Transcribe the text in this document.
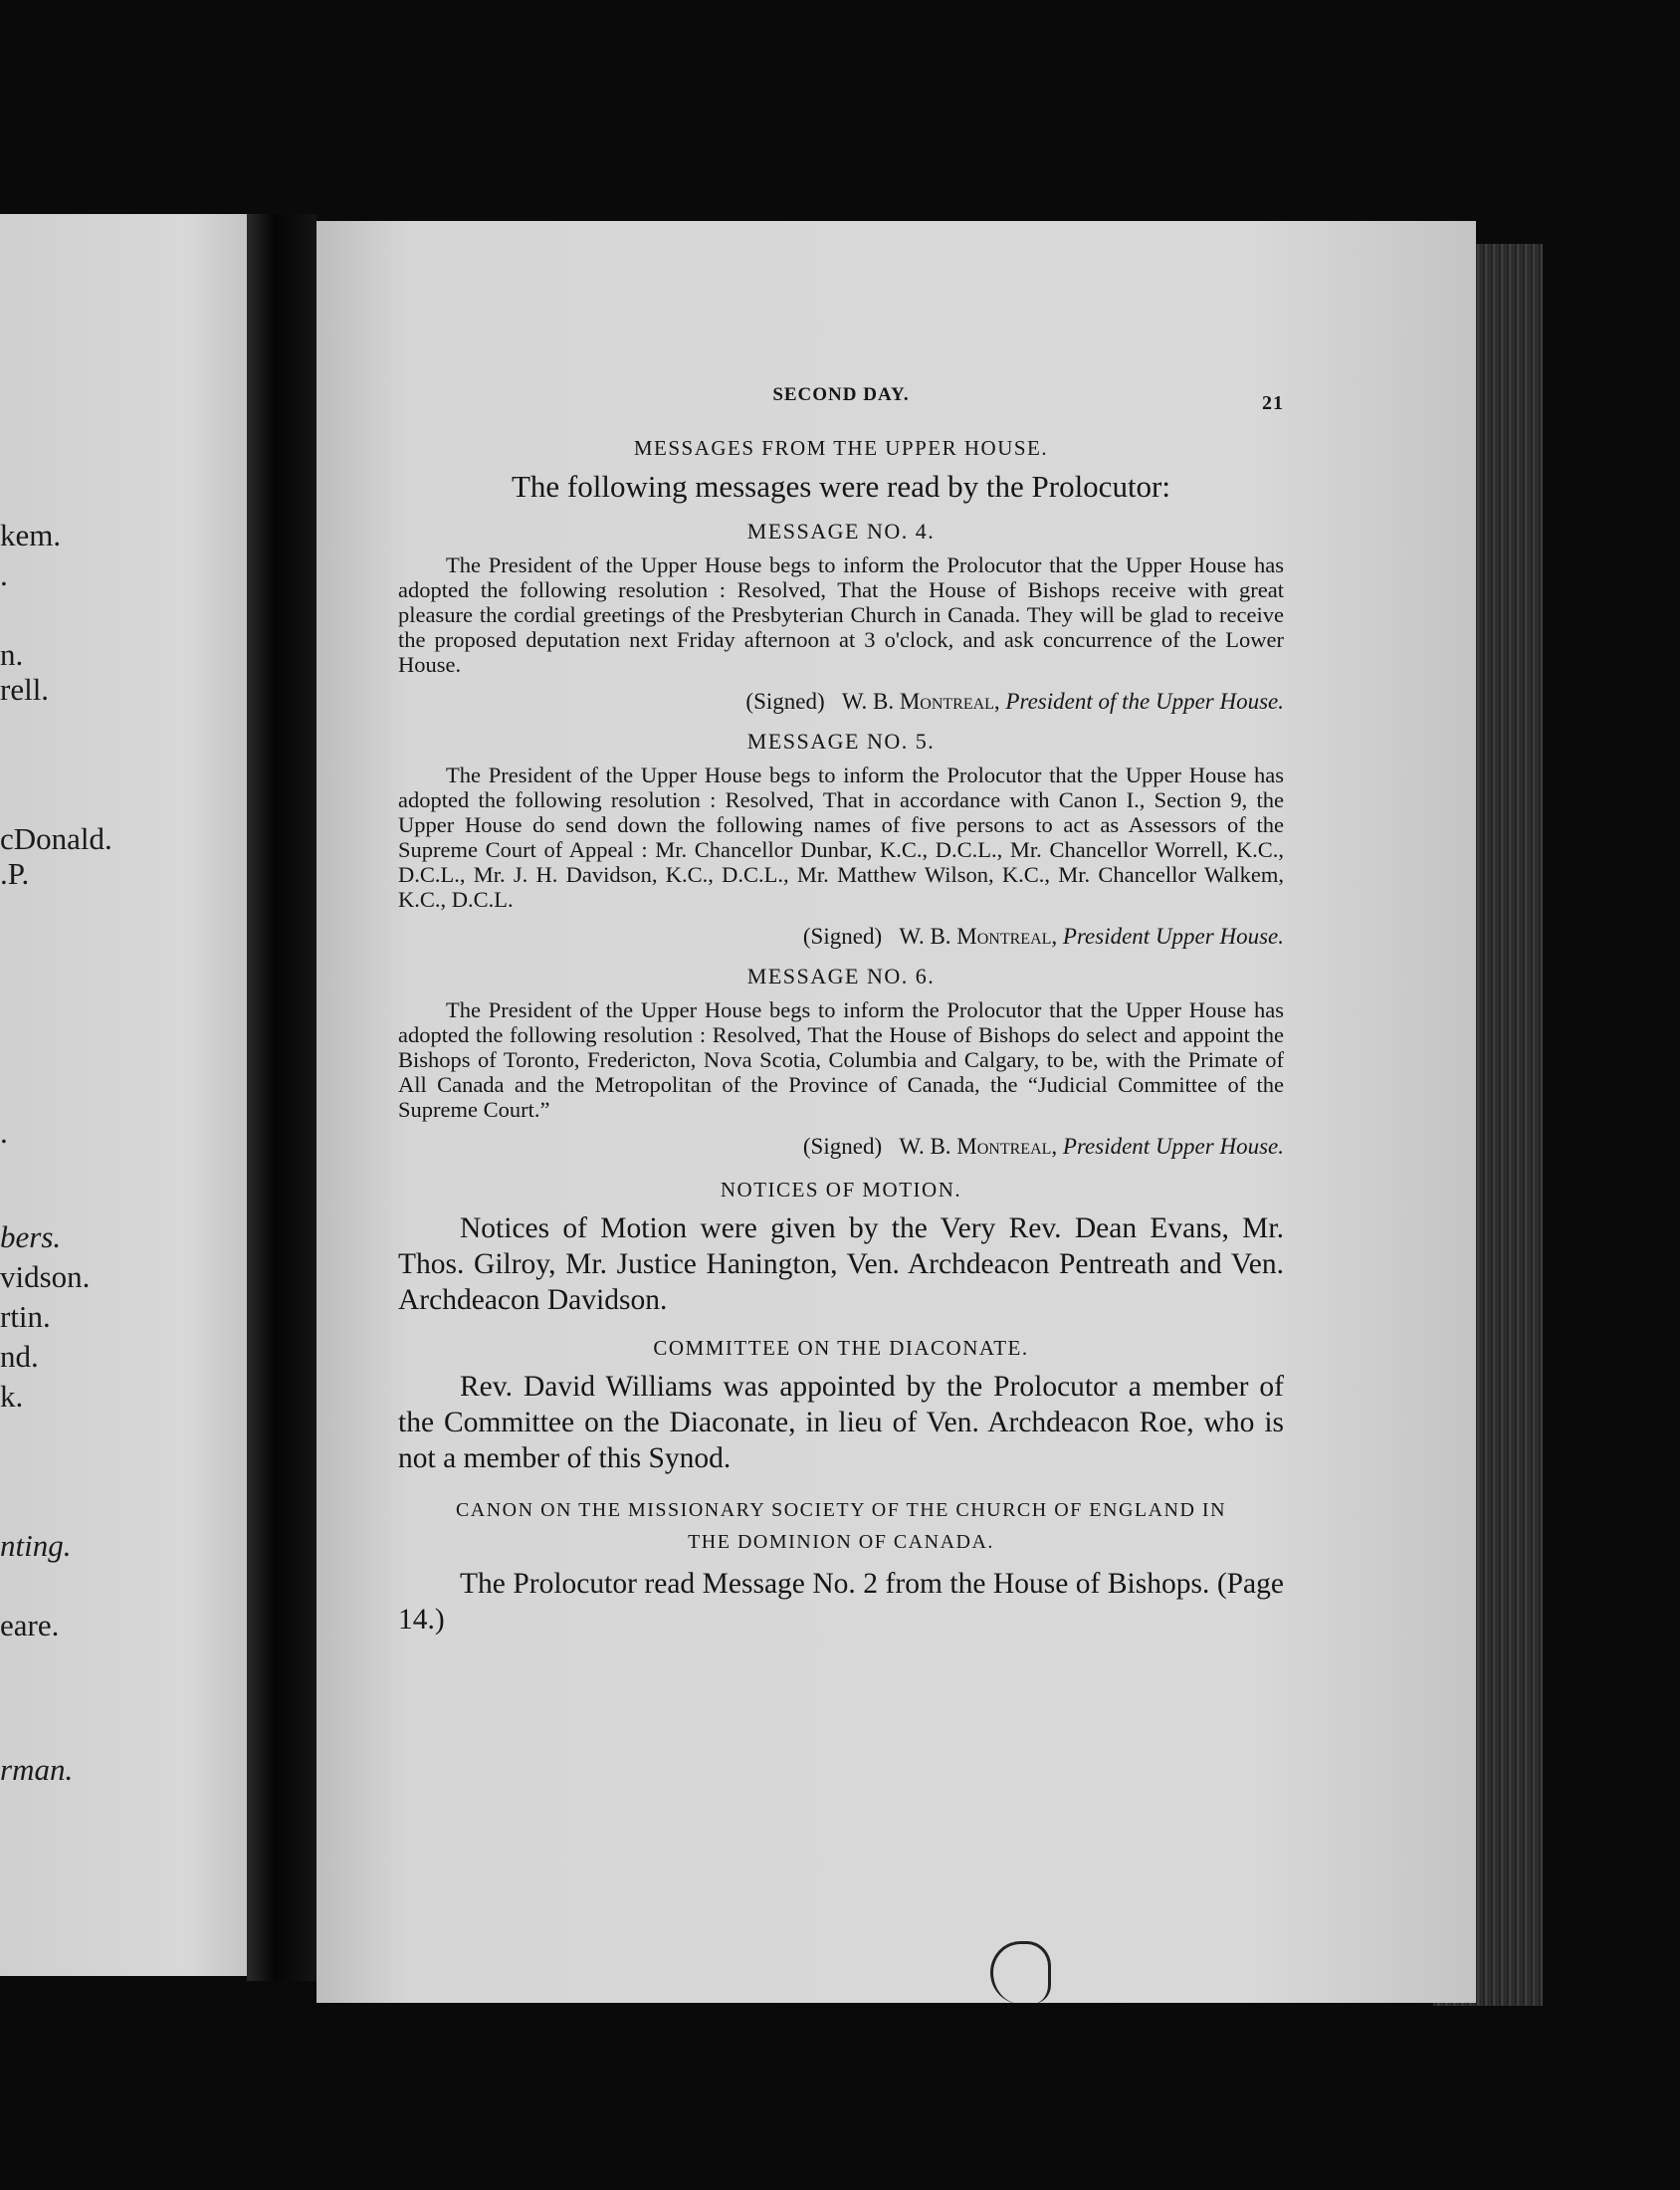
kem.
.
n.
rell.
cDonald.
.P.
.
bers.
vidson.
rtin.
nd.
k.
nting.
eare.
rman.
SECOND DAY.	21
MESSAGES FROM THE UPPER HOUSE.
The following messages were read by the Prolocutor:
MESSAGE NO. 4.

The President of the Upper House begs to inform the Prolocutor that the Upper House has adopted the following resolution : Resolved, That the House of Bishops receive with great pleasure the cordial greetings of the Presbyterian Church in Canada. They will be glad to receive the proposed deputation next Friday afternoon at 3 o'clock, and ask concurrence of the Lower House.

(Signed) W. B. Montreal, President of the Upper House.
MESSAGE NO. 5.

The President of the Upper House begs to inform the Prolocutor that the Upper House has adopted the following resolution : Resolved, That in accordance with Canon I., Section 9, the Upper House do send down the following names of five persons to act as Assessors of the Supreme Court of Appeal : Mr. Chancellor Dunbar, K.C., D.C.L., Mr. Chancellor Worrell, K.C., D.C.L., Mr. J. H. Davidson, K.C., D.C.L., Mr. Matthew Wilson, K.C., Mr. Chancellor Walkem, K.C., D.C.L.

(Signed) W. B. Montreal, President Upper House.
MESSAGE NO. 6.

The President of the Upper House begs to inform the Prolocutor that the Upper House has adopted the following resolution : Resolved, That the House of Bishops do select and appoint the Bishops of Toronto, Fredericton, Nova Scotia, Columbia and Calgary, to be, with the Primate of All Canada and the Metropolitan of the Province of Canada, the “Judicial Committee of the Supreme Court.”

(Signed) W. B. Montreal, President Upper House.
NOTICES OF MOTION.

Notices of Motion were given by the Very Rev. Dean Evans, Mr. Thos. Gilroy, Mr. Justice Hanington, Ven. Archdeacon Pentreath and Ven. Archdeacon Davidson.

COMMITTEE ON THE DIACONATE.

Rev. David Williams was appointed by the Prolocutor a member of the Committee on the Diaconate, in lieu of Ven. Archdeacon Roe, who is not a member of this Synod.

CANON ON THE MISSIONARY SOCIETY OF THE CHURCH OF ENGLAND IN THE DOMINION OF CANADA.

The Prolocutor read Message No. 2 from the House of Bishops. (Page 14.)
